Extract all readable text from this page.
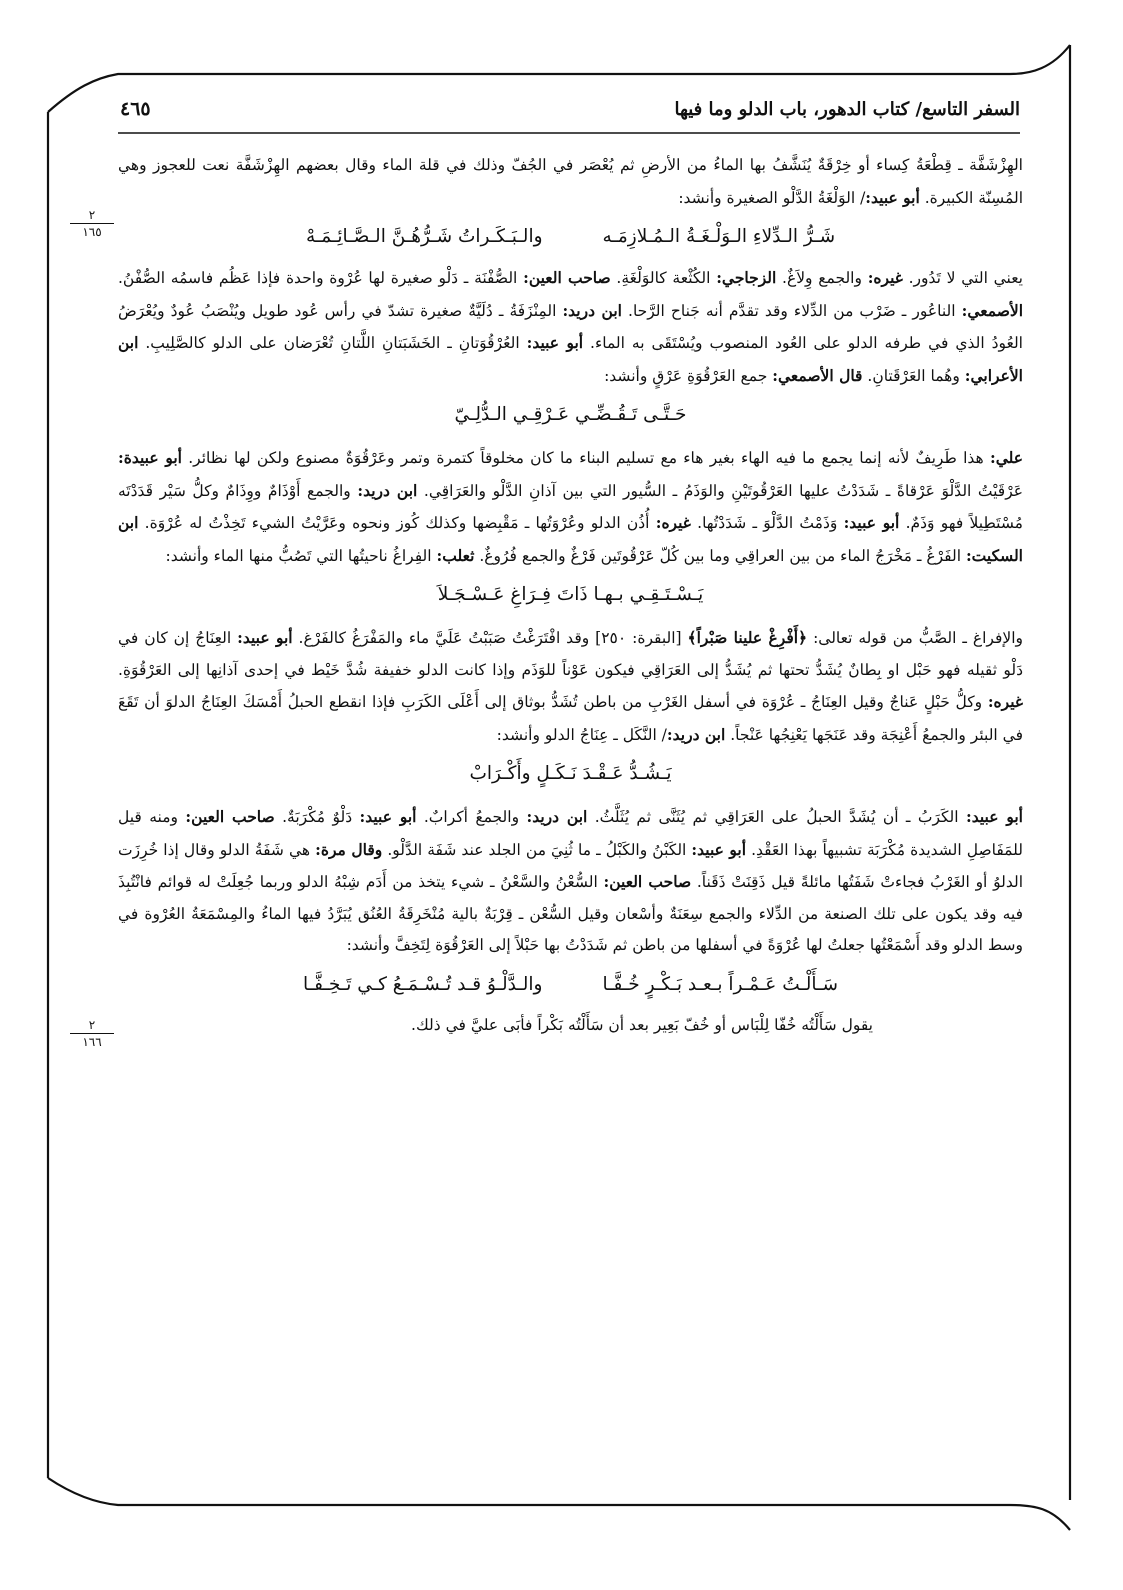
السفر التاسع/ كتاب الدهور، باب الدلو وما فيها
٤٦٥
٢
١٦٥
٢
١٦٦

الهِزْشَفَّة ـ قِطْعَةُ كِساء أو خِرْقَةٌ يُنَشَّفُ بها الماءُ من الأرضِ ثم يُعْصَر في الجُفّ وذلك في قلة الماء وقال بعضهم الهِزْشَفَّة نعت للعجوز وهي المُسِنّة الكبيرة. أبو عبيد:/ الوَلْغَةُ الدَّلْو الصغيرة وأنشد:

شَـرُّ الـدِّلاءِ الـوَلْـغَـةُ الـمُـلازِمَـه
والـبَـكَـراتُ شَـرُّهُـنَّ الـصَّـائِـمَـهْ

يعني التي لا تَدُور. غيره: والجمع وِلاَغٌ. الزجاجي: الكُثْعة كالوَلْغَةِ. صاحب العين: الصُّفْنَة ـ دَلْو صغيرة لها عُرْوة واحدة فإذا عَظُم فاسمُه الصُّفْنُ. الأصمعي: الناعُور ـ ضَرْب من الدِّلاء وقد تقدَّم أنه جَناح الرَّحا. ابن دريد: المِنْزَفَةُ ـ دُلَيَّةٌ صغيرة تشدّ في رأس عُود طويل ويُنْصَبُ عُودٌ ويُعْرَضُ العُودُ الذي في طرفه الدلو على العُود المنصوب ويُسْتَقَى به الماء. أبو عبيد: العُرْقُوَتانِ ـ الخَشَبَتانِ اللَّتانِ تُعْرَضان على الدلو كالصَّلِيبِ. ابن الأعرابي: وهُما العَرْقَتانِ. قال الأصمعي: جمع العَرْقُوَةِ عَرْقٍ وأنشد:

حَـتَّـى تَـقُـضِّـي عَـرْقِـي الـدُّلِـيّ

علي: هذا طَرِيفٌ لأنه إنما يجمع ما فيه الهاء بغير هاء مع تسليم البناء ما كان مخلوقاً كتمرة وتمر وعَرْقُوَةٌ مصنوع ولكن لها نظائر. أبو عبيدة: عَرْقَيْتُ الدَّلْوَ عَرْقاةً ـ شَدَدْتُ عليها العَرْقُوتَيْنِ والوَذَمُ ـ السُّيور التي بين آذانِ الدَّلْو والعَرَاقِي. ابن دريد: والجمع أَوْذَامٌ ووِذَامٌ وكلُّ سَيْر قَدَدْتَه مُسْتَطِيلاً فهو وَذَمٌ. أبو عبيد: وَذَمْتُ الدَّلْوَ ـ شَدَدْتُها. غيره: أُذُن الدلو وعُرْوَتُها ـ مَقْبِضها وكذلك كُوز ونحوه وعَرَّيْتُ الشيء تَخِذْتُ له عُرْوَة. ابن السكيت: الفَرْغُ ـ مَخْرَجُ الماء من بين العراقِي وما بين كُلّ عَرْقُوتَين فَرْغٌ والجمع فُرُوغٌ. ثعلب: الفِراغُ ناحيتُها التي تَصُبُّ منها الماء وأنشد:

يَـسْـتَـقِـي بـهـا ذَاتَ فِـرَاغِ عَـسْـجَـلاَ

والإفراغ ـ الصَّبُّ من قوله تعالى: ﴿أَفْرِغْ علينا صَبْراً﴾ [البقرة: ٢٥٠] وقد افْتَرَغْتُ صَبَبْتُ عَلَيَّ ماء والمَفْرَغُ كالفَرْغ. أبو عبيد: العِنَاجُ إن كان في دَلْو ثقيله فهو حَبْل او بِطانٌ يُشَدُّ تحتها ثم يُشَدُّ إلى العَرَاقِي فيكون عَوْناً للوَذَم وإذا كانت الدلو خفيفة شُدَّ خَيْط في إحدى آذانِها إلى العَرْقُوَةِ. غيره: وكلُّ حَبْلٍ عَناجٌ وقيل العِنَاجُ ـ عُرْوَة في أسفل الغَرْبِ من باطن تُشَدُّ بوثاق إلى أَعْلَى الكَرَبِ فإذا انقطع الحبلُ أَمْسَكَ العِنَاجُ الدلوَ أن تَقَعَ في البئر والجمعُ أَعْنِجَة وقد عَنَجَها يَعْنِجُها عَنْجاً. ابن دريد:/ النَّكَل ـ عِنَاجُ الدلو وأنشد:

يَـشُـدُّ عَـقْـدَ نَـكَـلٍ وأَكْـرَابْ

أبو عبيد: الكَرَبُ ـ أن يُشَدَّ الحبلُ على العَرَاقِي ثم يُثَنَّى ثم يُثَلَّثُ. ابن دريد: والجمعُ أكرابٌ. أبو عبيد: دَلْوٌ مُكْرَبَةٌ. صاحب العين: ومنه قيل للمَفَاصِلِ الشديدة مُكْرَبَة تشبيهاً بهذا العَقْدِ. أبو عبيد: الكَبْنُ والكَبْلُ ـ ما ثُنِيَ من الجلد عند شَفَة الدَّلْو. وقال مرة: هي شَفَةُ الدلو وقال إذا خُرِزَت الدلوُ أو الغَرْبُ فجاءتْ شَفَتُها مائلةً قيل ذَقِنَتْ ذَقَناً. صاحب العين: السُّعْنُ والسَّعْنُ ـ شيء يتخذ من أَدَم شِبْهُ الدلو وربما جُعِلَتْ له قوائم فانْتُبِذَ فيه وقد يكون على تلك الصنعة من الدِّلاء والجمع سِعَنَةٌ وأسْعان وقيل السُّعْن ـ قِرْبَةٌ بالية مُنْخَرِقَةُ العُنُق يُبَرَّدُ فيها الماءُ والمِسْمَعَةُ العُرْوة في وسط الدلو وقد أَسْمَعْتُها جعلتُ لها عُرْوَةً في أسفلها من باطن ثم شَدَدْتُ بها حَبْلاً إلى العَرْقُوَة لِتَخِفَّ وأنشد:

سَـأَلْـتُ عَـمْـراً بـعـد بَـكْـرٍ خُـفَّـا
والـدَّلْـوُ قـد تُـسْـمَـعُ كـي تَـخِـفَّـا

يقول سَأَلْتُه خُفّا لِلْبَاس أو خُفّ بَعِير بعد أن سَأَلْتُه بَكْراً فأبَى عليَّ في ذلك.
